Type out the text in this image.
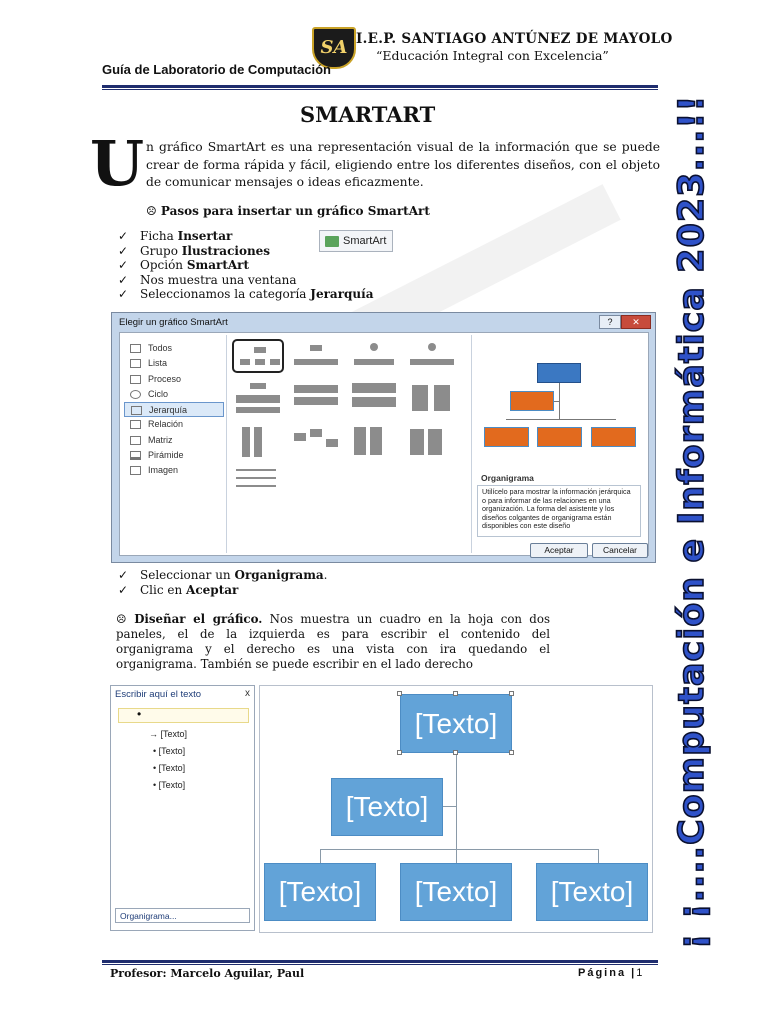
SA I.E.P. SANTIAGO ANTÚNEZ DE MAYOLO
“Educación Integral con Excelencia”
Guía de Laboratorio de Computación
SMARTART
U n gráfico SmartArt es una representación visual de la información que se puede crear de forma rápida y fácil, eligiendo entre los diferentes diseños, con el objeto de comunicar mensajes o ideas eficazmente.
☹ Pasos para insertar un gráfico SmartArt
✓ Ficha Insertar
✓ Grupo Ilustraciones
✓ Opción SmartArt
✓ Nos muestra una ventana
✓ Seleccionamos la categoría Jerarquía
SmartArt
Elegir un gráfico SmartArt	?	✕
Todos
Lista
Proceso
Ciclo
Jerarquía
Relación
Matriz
Pirámide
Imagen
Organigrama
Utilícelo para mostrar la información jerárquica o para informar de las relaciones en una organización. La forma del asistente y los diseños colgantes de organigrama están disponibles con este diseño
Aceptar	Cancelar
✓ Seleccionar un Organigrama.
✓ Clic en Aceptar
☹ Diseñar el gráfico. Nos muestra un cuadro en la hoja con dos paneles, el de la izquierda es para escribir el contenido del organigrama y el derecho es una vista con ira quedando el organigrama. También se puede escribir en el lado derecho
Escribir aquí el texto	x
•
→ [Texto]
• [Texto]
• [Texto]
• [Texto]
Organigrama...
[Texto]
[Texto]
[Texto]	[Texto]	[Texto]	¡ ¡....Computación e Informática 2023...!!
Profesor: Marcelo Aguilar, Paul	Página |1
